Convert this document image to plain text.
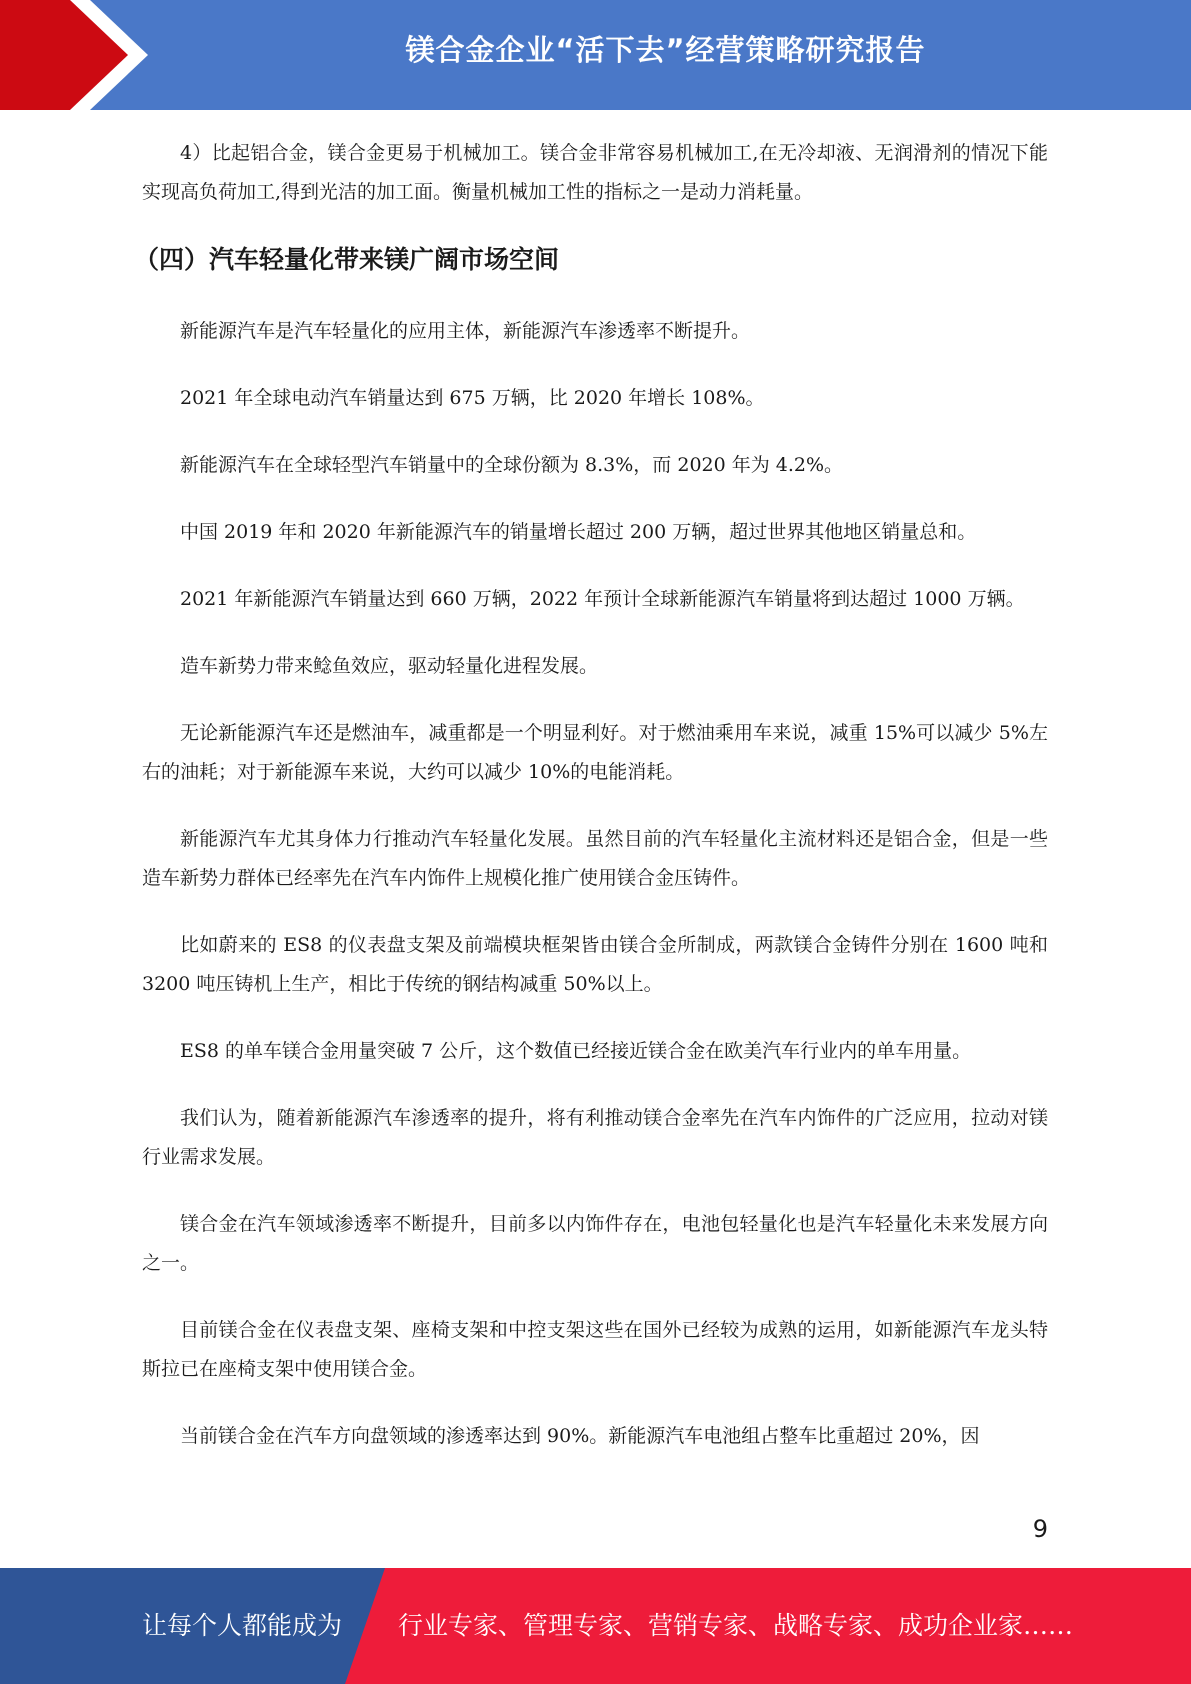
镁合金企业“活下去”经营策略研究报告

4）比起铝合金，镁合金更易于机械加工。镁合金非常容易机械加工,在无冷却液、无润滑剂的情况下能实现高负荷加工,得到光洁的加工面。衡量机械加工性的指标之一是动力消耗量。

（四）汽车轻量化带来镁广阔市场空间

新能源汽车是汽车轻量化的应用主体，新能源汽车渗透率不断提升。

2021 年全球电动汽车销量达到 675 万辆，比 2020 年增长 108%。

新能源汽车在全球轻型汽车销量中的全球份额为 8.3%，而 2020 年为 4.2%。

中国 2019 年和 2020 年新能源汽车的销量增长超过 200 万辆，超过世界其他地区销量总和。

2021 年新能源汽车销量达到 660 万辆，2022 年预计全球新能源汽车销量将到达超过 1000 万辆。

造车新势力带来鲶鱼效应，驱动轻量化进程发展。

无论新能源汽车还是燃油车，减重都是一个明显利好。对于燃油乘用车来说，减重 15%可以减少 5%左右的油耗；对于新能源车来说，大约可以减少 10%的电能消耗。

新能源汽车尤其身体力行推动汽车轻量化发展。虽然目前的汽车轻量化主流材料还是铝合金，但是一些造车新势力群体已经率先在汽车内饰件上规模化推广使用镁合金压铸件。

比如蔚来的 ES8 的仪表盘支架及前端模块框架皆由镁合金所制成，两款镁合金铸件分别在 1600 吨和 3200 吨压铸机上生产，相比于传统的钢结构减重 50%以上。

ES8 的单车镁合金用量突破 7 公斤，这个数值已经接近镁合金在欧美汽车行业内的单车用量。

我们认为，随着新能源汽车渗透率的提升，将有利推动镁合金率先在汽车内饰件的广泛应用，拉动对镁行业需求发展。

镁合金在汽车领域渗透率不断提升，目前多以内饰件存在，电池包轻量化也是汽车轻量化未来发展方向之一。

目前镁合金在仪表盘支架、座椅支架和中控支架这些在国外已经较为成熟的运用，如新能源汽车龙头特斯拉已在座椅支架中使用镁合金。

当前镁合金在汽车方向盘领域的渗透率达到 90%。新能源汽车电池组占整车比重超过 20%，因

9
让每个人都能成为 行业专家、管理专家、营销专家、战略专家、成功企业家……
